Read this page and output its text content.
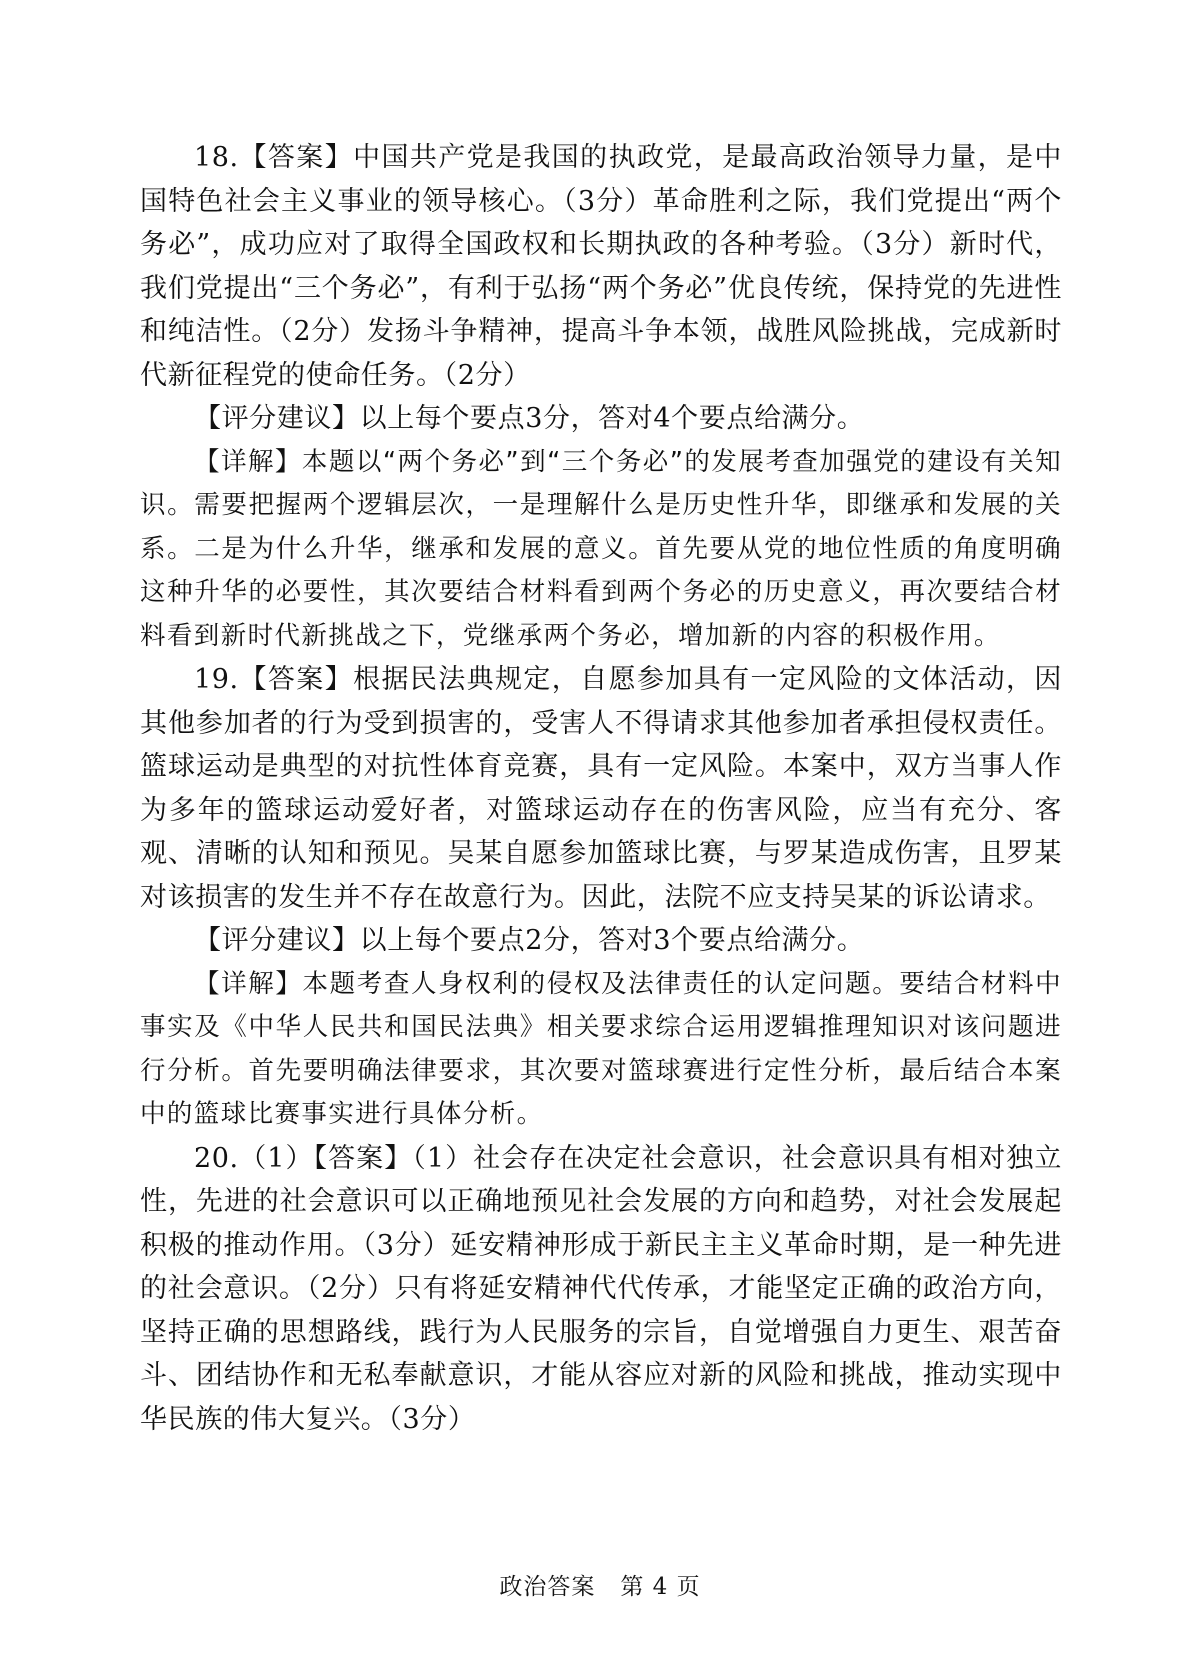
18.【答案】中国共产党是我国的执政党，是最高政治领导力量，是中国特色社会主义事业的领导核心。（3分）革命胜利之际，我们党提出“两个务必”，成功应对了取得全国政权和长期执政的各种考验。（3分）新时代，我们党提出“三个务必”，有利于弘扬“两个务必”优良传统，保持党的先进性和纯洁性。（2分）发扬斗争精神，提高斗争本领，战胜风险挑战，完成新时代新征程党的使命任务。（2分）

【评分建议】以上每个要点3分，答对4个要点给满分。

【详解】本题以“两个务必”到“三个务必”的发展考查加强党的建设有关知识。需要把握两个逻辑层次，一是理解什么是历史性升华，即继承和发展的关系。二是为什么升华，继承和发展的意义。首先要从党的地位性质的角度明确这种升华的必要性，其次要结合材料看到两个务必的历史意义，再次要结合材料看到新时代新挑战之下，党继承两个务必，增加新的内容的积极作用。

19.【答案】根据民法典规定，自愿参加具有一定风险的文体活动，因其他参加者的行为受到损害的，受害人不得请求其他参加者承担侵权责任。篮球运动是典型的对抗性体育竞赛，具有一定风险。本案中，双方当事人作为多年的篮球运动爱好者，对篮球运动存在的伤害风险，应当有充分、客观、清晰的认知和预见。吴某自愿参加篮球比赛，与罗某造成伤害，且罗某对该损害的发生并不存在故意行为。因此，法院不应支持吴某的诉讼请求。

【评分建议】以上每个要点2分，答对3个要点给满分。

【详解】本题考查人身权利的侵权及法律责任的认定问题。要结合材料中事实及《中华人民共和国民法典》相关要求综合运用逻辑推理知识对该问题进行分析。首先要明确法律要求，其次要对篮球赛进行定性分析，最后结合本案中的篮球比赛事实进行具体分析。

20.（1）【答案】（1）社会存在决定社会意识，社会意识具有相对独立性，先进的社会意识可以正确地预见社会发展的方向和趋势，对社会发展起积极的推动作用。（3分）延安精神形成于新民主主义革命时期，是一种先进的社会意识。（2分）只有将延安精神代代传承，才能坚定正确的政治方向，坚持正确的思想路线，践行为人民服务的宗旨，自觉增强自力更生、艰苦奋斗、团结协作和无私奉献意识，才能从容应对新的风险和挑战，推动实现中华民族的伟大复兴。（3分）

政治答案 第 4 页
